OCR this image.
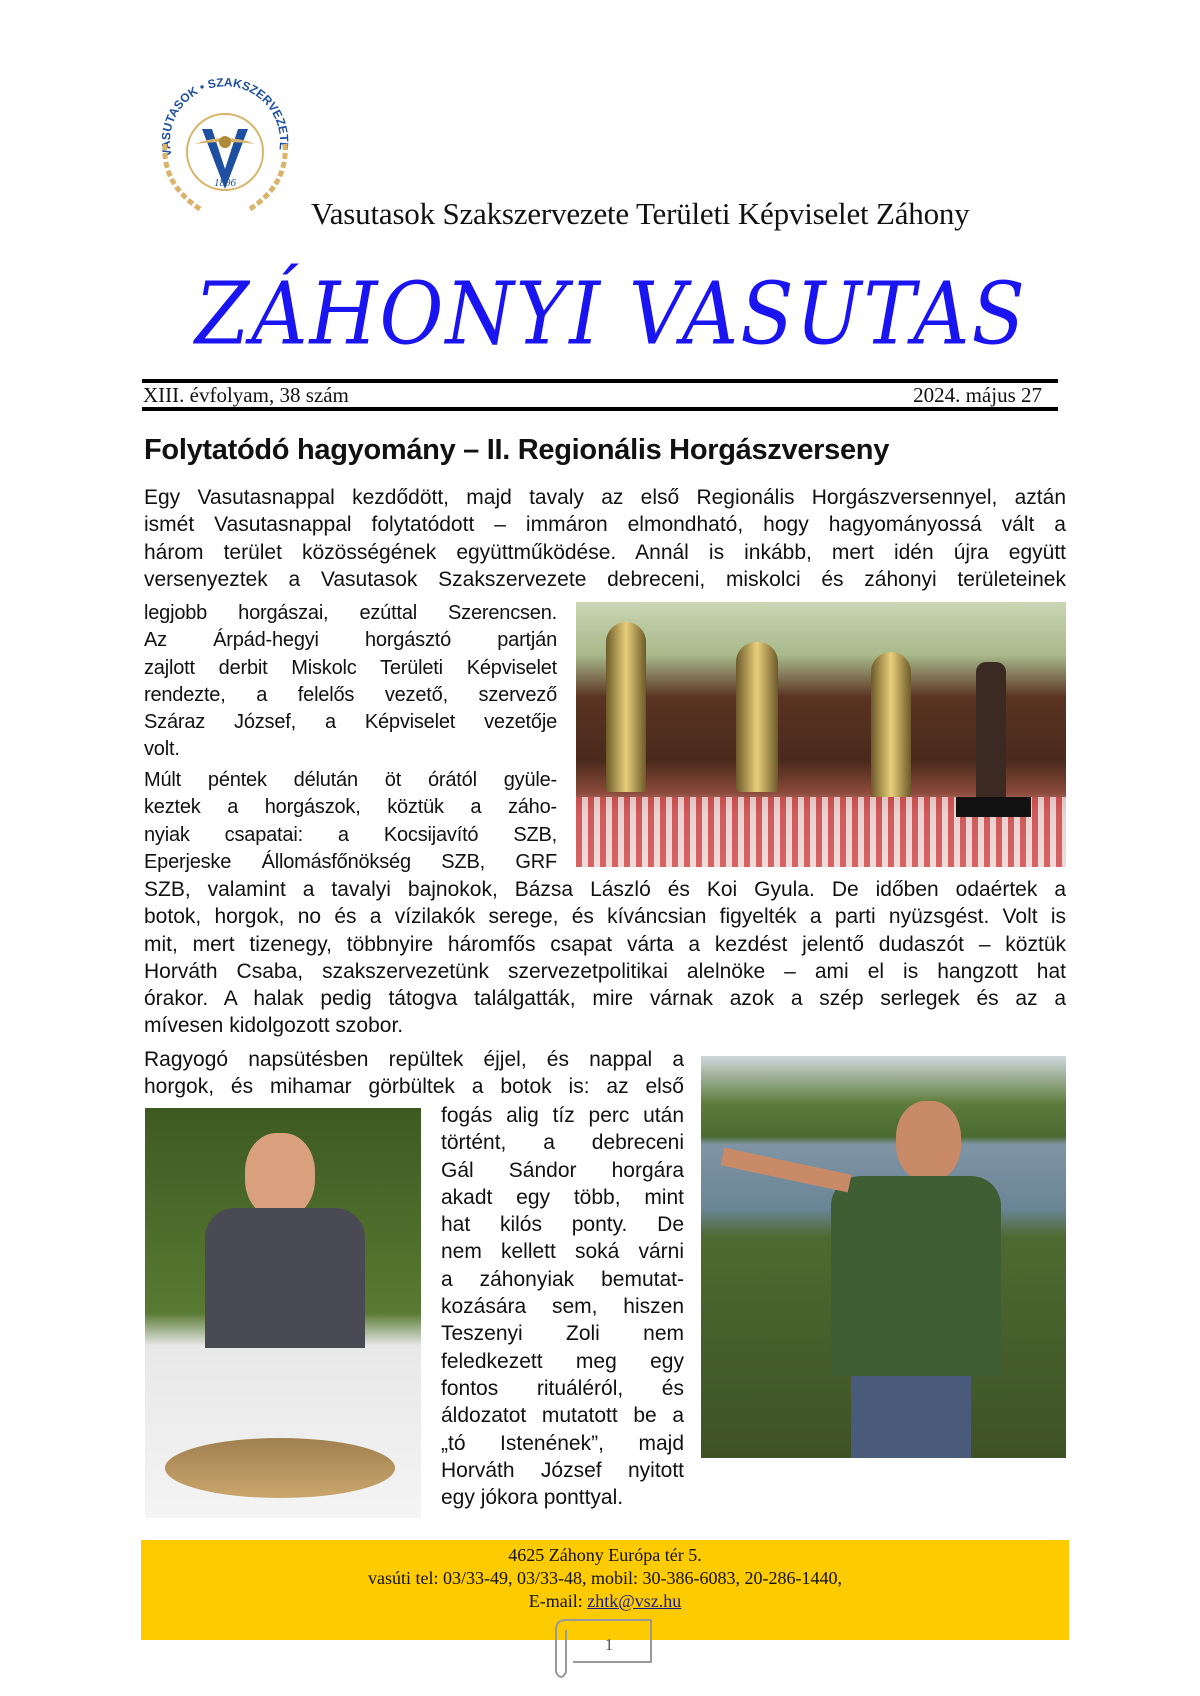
VASUTASOK • SZAKSZERVEZETE
1896
Vasutasok Szakszervezete Területi Képviselet Záhony
ZÁHONYI VASUTAS
XIII. évfolyam, 38 szám	2024. május 27
Folytatódó hagyomány – II. Regionális Horgászverseny
Egy Vasutasnappal kezdődött, majd tavaly az első Regionális Horgászversennyel, aztán
ismét Vasutasnappal folytatódott – immáron elmondható, hogy hagyományossá vált a
három terület közösségének együttműködése. Annál is inkább, mert idén újra együtt
versenyeztek a Vasutasok Szakszervezete debreceni, miskolci és záhonyi területeinek
legjobb horgászai, ezúttal Szerencsen.
Az Árpád-hegyi horgásztó partján
zajlott derbit Miskolc Területi Képviselet
rendezte, a felelős vezető, szervező
Száraz József, a Képviselet vezetője
volt.
Múlt péntek délután öt órától gyüle-
keztek a horgászok, köztük a záho-
nyiak csapatai: a Kocsijavító SZB,
Eperjeske Állomásfőnökség SZB, GRF
SZB, valamint a tavalyi bajnokok, Bázsa László és Koi Gyula. De időben odaértek a
botok, horgok, no és a vízilakók serege, és kíváncsian figyelték a parti nyüzsgést. Volt is
mit, mert tizenegy, többnyire háromfős csapat várta a kezdést jelentő dudaszót – köztük
Horváth Csaba, szakszervezetünk szervezetpolitikai alelnöke – ami el is hangzott hat
órakor. A halak pedig tátogva találgatták, mire várnak azok a szép serlegek és az a
mívesen kidolgozott szobor.
Ragyogó napsütésben repültek éjjel, és nappal a
horgok, és mihamar görbültek a botok is: az első
fogás alig tíz perc után
történt, a debreceni
Gál Sándor horgára
akadt egy több, mint
hat kilós ponty. De
nem kellett soká várni
a záhonyiak bemutat-
kozására sem, hiszen
Teszenyi Zoli nem
feledkezett meg egy
fontos rituáléról, és
áldozatot mutatott be a
„tó Istenének”, majd
Horváth József nyitott
egy jókora ponttyal.
4625 Záhony Európa tér 5.
vasúti tel: 03/33-49, 03/33-48, mobil: 30-386-6083, 20-286-1440,
E-mail: zhtk@vsz.hu
1
